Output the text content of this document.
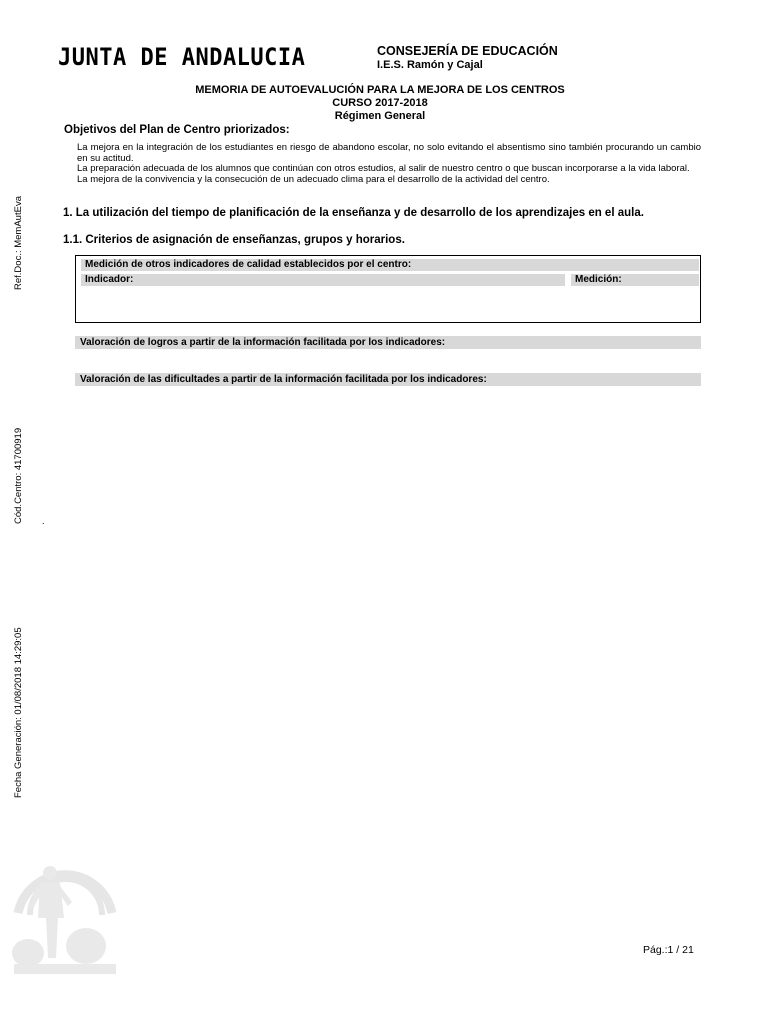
JUNTA DE ANDALUCIA	CONSEJERÍA DE EDUCACIÓN
I.E.S. Ramón y Cajal
MEMORIA DE AUTOEVALUCIÓN PARA LA MEJORA DE LOS CENTROS
CURSO 2017-2018
Régimen General
Objetivos del Plan de Centro priorizados:

La mejora en la integración de los estudiantes en riesgo de abandono escolar, no solo evitando el absentismo sino también procurando un cambio en su actitud.

La preparación adecuada de los alumnos que continúan con otros estudios, al salir de nuestro centro o que buscan incorporarse a la vida laboral.

La mejora de la convivencia y la consecución de un adecuado clima para el desarrollo de la actividad del centro.

1. La utilización del tiempo de planificación de la enseñanza y de desarrollo de los aprendizajes en el aula.
1.1. Criterios de asignación de enseñanzas, grupos y horarios.
Medición de otros indicadores de calidad establecidos por el centro:
Indicador:	Medición:
Valoración de logros a partir de la información facilitada por los indicadores:
Valoración de las dificultades a partir de la información facilitada por los indicadores:
Ref.Doc.: MemAutEva
Cód.Centro: 41700919
Fecha Generación: 01/08/2018 14:29:05
.
Pág.:1 / 21
